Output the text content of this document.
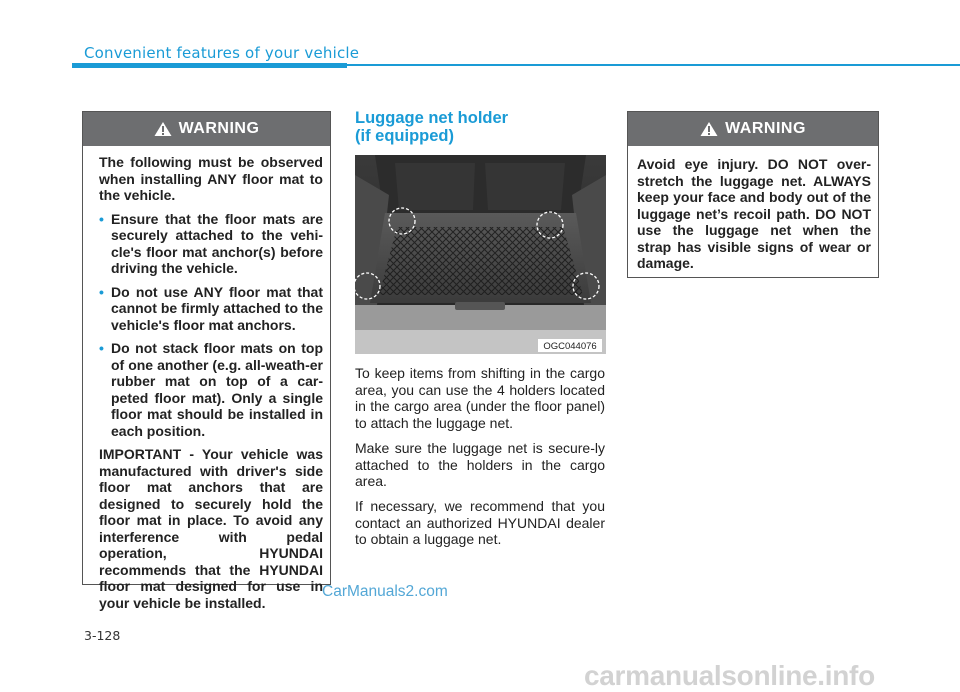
Convenient features of your vehicle
WARNING

The following must be observed when installing ANY floor mat to the vehicle.

• Ensure that the floor mats are securely attached to the vehi-cle's floor mat anchor(s) before driving the vehicle.
• Do not use ANY floor mat that cannot be firmly attached to the vehicle's floor mat anchors.
• Do not stack floor mats on top of one another (e.g. all-weath-er rubber mat on top of a car-peted floor mat). Only a single floor mat should be installed in each position.

IMPORTANT - Your vehicle was manufactured with driver's side floor mat anchors that are designed to securely hold the floor mat in place. To avoid any interference with pedal operation, HYUNDAI recommends that the HYUNDAI floor mat designed for use in your vehicle be installed.

Luggage net holder
(if equipped)
OGC044076

To keep items from shifting in the cargo area, you can use the 4 holders located in the cargo area (under the floor panel) to attach the luggage net.

Make sure the luggage net is secure-ly attached to the holders in the cargo area.

If necessary, we recommend that you contact an authorized HYUNDAI dealer to obtain a luggage net.

WARNING

Avoid eye injury. DO NOT over-stretch the luggage net. ALWAYS keep your face and body out of the luggage net’s recoil path. DO NOT use the luggage net when the strap has visible signs of wear or damage.

CarManuals2.com
3-128
carmanualsonline.info
